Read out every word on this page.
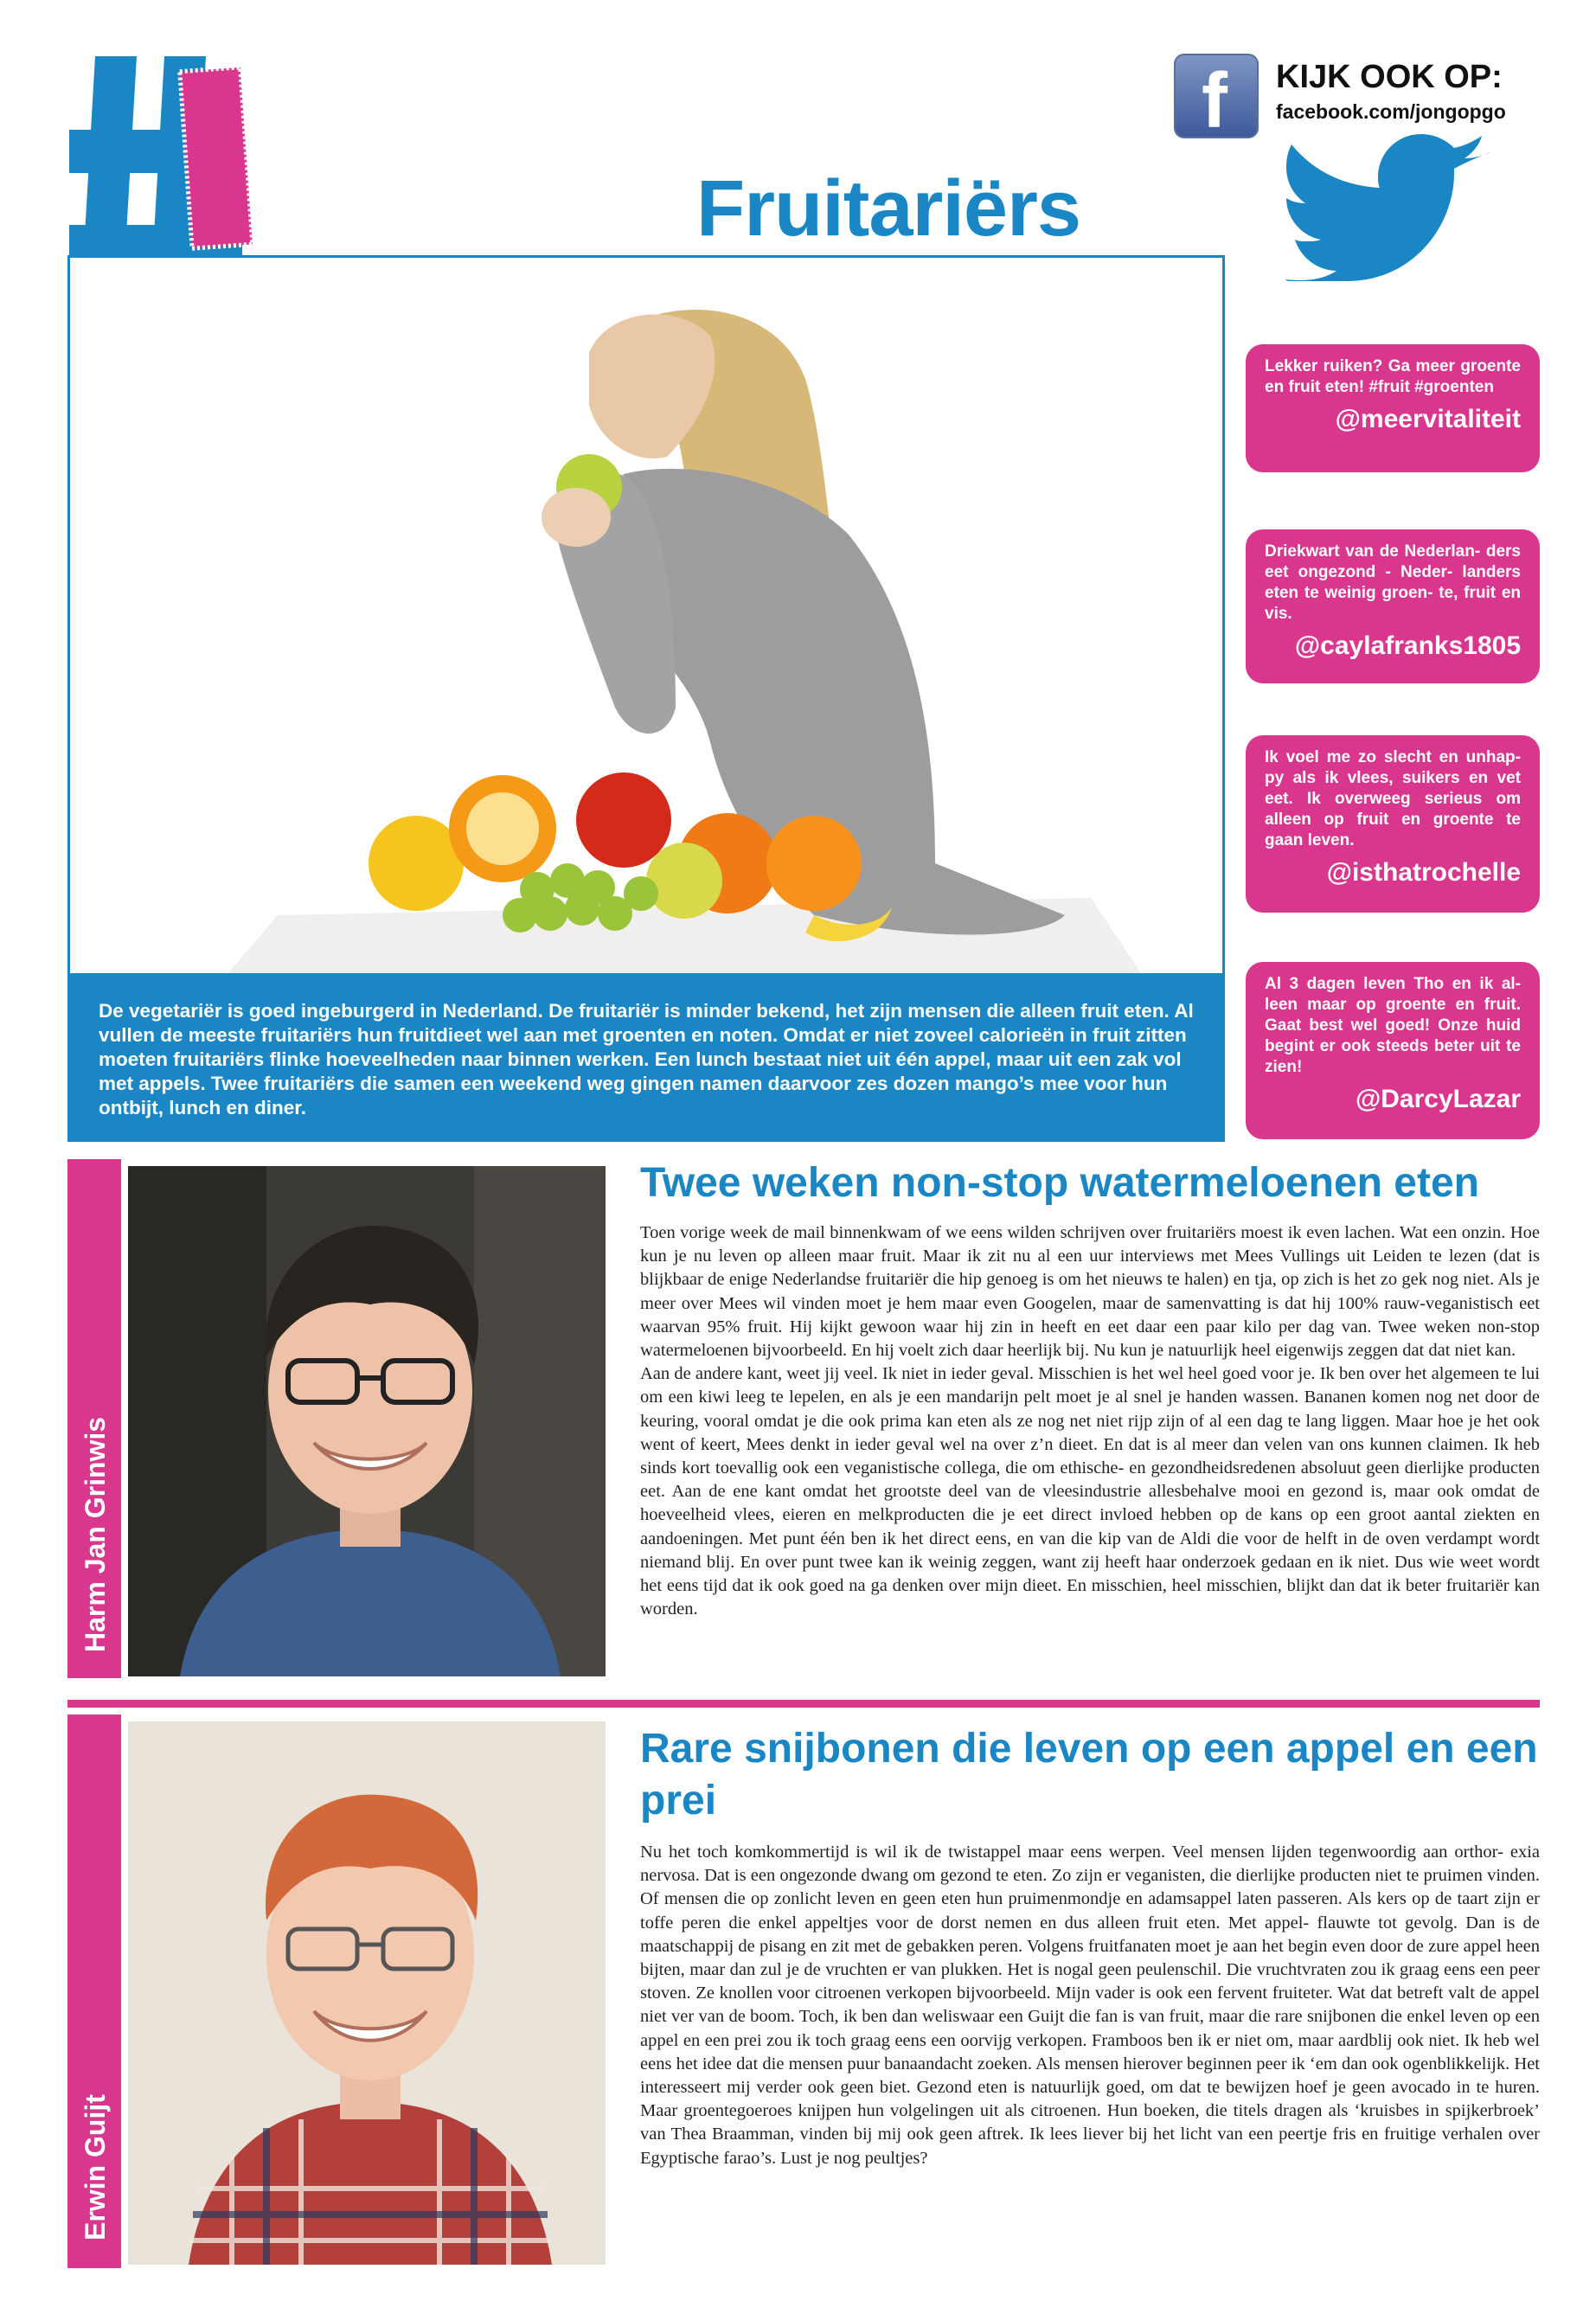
f KIJK OOK OP:
facebook.com/jongopgo
De vegetariër is goed ingeburgerd in Nederland. De fruitariër is minder bekend, het zijn mensen die alleen fruit eten. Al vullen de meeste fruitariërs hun fruitdieet wel aan met groenten en noten. Omdat er niet zoveel calorieën in fruit zitten moeten fruitariërs flinke hoeveelheden naar binnen werken. Een lunch bestaat niet uit één appel, maar uit een zak vol met appels. Twee fruitariërs die samen een weekend weg gingen namen daarvoor zes dozen mango’s mee voor hun ontbijt, lunch en diner.
Fruitariërs
Lekker ruiken? Ga meer groente en fruit eten! #fruit #groenten
@meervitaliteit
Driekwart van de Nederlan- ders eet ongezond - Neder- landers eten te weinig groen- te, fruit en vis.
@caylafranks1805
Ik voel me zo slecht en unhap- py als ik vlees, suikers en vet eet. Ik overweeg serieus om alleen op fruit en groente te gaan leven.
@isthatrochelle
Al 3 dagen leven Tho en ik al- leen maar op groente en fruit. Gaat best wel goed! Onze huid begint er ook steeds beter uit te zien!
@DarcyLazar
Harm Jan Grinwis
Twee weken non-stop watermeloenen eten

Toen vorige week de mail binnenkwam of we eens wilden schrijven over fruitariërs moest ik even lachen. Wat een onzin. Hoe kun je nu leven op alleen maar fruit. Maar ik zit nu al een uur interviews met Mees Vullings uit Leiden te lezen (dat is blijkbaar de enige Nederlandse fruitariër die hip genoeg is om het nieuws te halen) en tja, op zich is het zo gek nog niet. Als je meer over Mees wil vinden moet je hem maar even Googelen, maar de samenvatting is dat hij 100% rauw-veganistisch eet waarvan 95% fruit. Hij kijkt gewoon waar hij zin in heeft en eet daar een paar kilo per dag van. Twee weken non-stop watermeloenen bijvoorbeeld. En hij voelt zich daar heerlijk bij. Nu kun je natuurlijk heel eigenwijs zeggen dat dat niet kan.

Aan de andere kant, weet jij veel. Ik niet in ieder geval. Misschien is het wel heel goed voor je. Ik ben over het algemeen te lui om een kiwi leeg te lepelen, en als je een mandarijn pelt moet je al snel je handen wassen. Bananen komen nog net door de keuring, vooral omdat je die ook prima kan eten als ze nog net niet rijp zijn of al een dag te lang liggen. Maar hoe je het ook went of keert, Mees denkt in ieder geval wel na over z’n dieet. En dat is al meer dan velen van ons kunnen claimen. Ik heb sinds kort toevallig ook een veganistische collega, die om ethische- en gezondheidsredenen absoluut geen dierlijke producten eet. Aan de ene kant omdat het grootste deel van de vleesindustrie allesbehalve mooi en gezond is, maar ook omdat de hoeveelheid vlees, eieren en melkproducten die je eet direct invloed hebben op de kans op een groot aantal ziekten en aandoeningen. Met punt één ben ik het direct eens, en van die kip van de Aldi die voor de helft in de oven verdampt wordt niemand blij. En over punt twee kan ik weinig zeggen, want zij heeft haar onderzoek gedaan en ik niet. Dus wie weet wordt het eens tijd dat ik ook goed na ga denken over mijn dieet. En misschien, heel misschien, blijkt dan dat ik beter fruitariër kan worden.

Erwin Guijt
Rare snijbonen die leven op een appel en een prei

Nu het toch komkommertijd is wil ik de twistappel maar eens werpen. Veel mensen lijden tegenwoordig aan orthor- exia nervosa. Dat is een ongezonde dwang om gezond te eten. Zo zijn er veganisten, die dierlijke producten niet te pruimen vinden. Of mensen die op zonlicht leven en geen eten hun pruimenmondje en adamsappel laten passeren. Als kers op de taart zijn er toffe peren die enkel appeltjes voor de dorst nemen en dus alleen fruit eten. Met appel- flauwte tot gevolg. Dan is de maatschappij de pisang en zit met de gebakken peren. Volgens fruitfanaten moet je aan het begin even door de zure appel heen bijten, maar dan zul je de vruchten er van plukken. Het is nogal geen peulenschil. Die vruchtvraten zou ik graag eens een peer stoven. Ze knollen voor citroenen verkopen bijvoorbeeld. Mijn vader is ook een fervent fruiteter. Wat dat betreft valt de appel niet ver van de boom. Toch, ik ben dan weliswaar een Guijt die fan is van fruit, maar die rare snijbonen die enkel leven op een appel en een prei zou ik toch graag eens een oorvijg verkopen. Framboos ben ik er niet om, maar aardblij ook niet. Ik heb wel eens het idee dat die mensen puur banaandacht zoeken. Als mensen hierover beginnen peer ik ‘em dan ook ogenblikkelijk. Het interesseert mij verder ook geen biet. Gezond eten is natuurlijk goed, om dat te bewijzen hoef je geen avocado in te huren. Maar groentegoeroes knijpen hun volgelingen uit als citroenen. Hun boeken, die titels dragen als ‘kruisbes in spijkerbroek’ van Thea Braamman, vinden bij mij ook geen aftrek. Ik lees liever bij het licht van een peertje fris en fruitige verhalen over Egyptische farao’s. Lust je nog peultjes?
